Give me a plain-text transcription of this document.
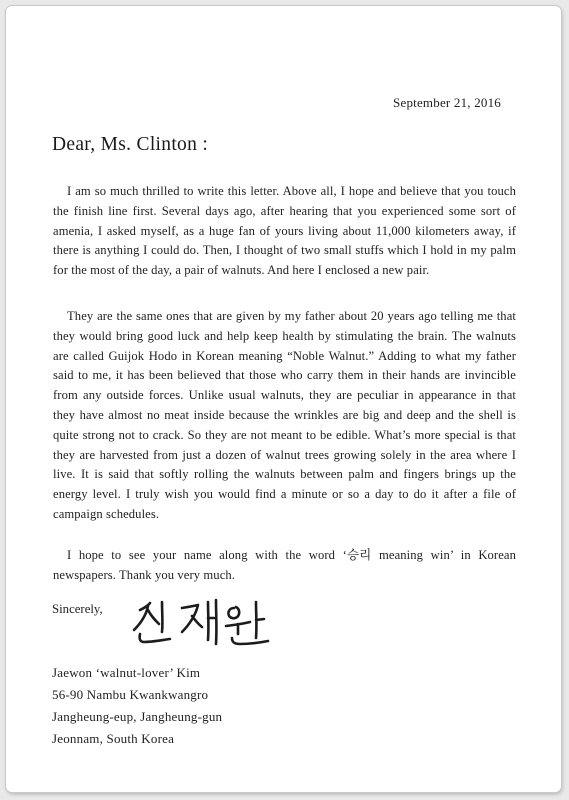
September 21, 2016
Dear, Ms. Clinton :

I am so much thrilled to write this letter. Above all, I hope and believe that you touch the finish line first. Several days ago, after hearing that you experienced some sort of amenia, I asked myself, as a huge fan of yours living about 11,000 kilometers away, if there is anything I could do. Then, I thought of two small stuffs which I hold in my palm for the most of the day, a pair of walnuts. And here I enclosed a new pair.

They are the same ones that are given by my father about 20 years ago telling me that they would bring good luck and help keep health by stimulating the brain. The walnuts are called Guijok Hodo in Korean meaning “Noble Walnut.” Adding to what my father said to me, it has been believed that those who carry them in their hands are invincible from any outside forces. Unlike usual walnuts, they are peculiar in appearance in that they have almost no meat inside because the wrinkles are big and deep and the shell is quite strong not to crack. So they are not meant to be edible. What’s more special is that they are harvested from just a dozen of walnut trees growing solely in the area where I live. It is said that softly rolling the walnuts between palm and fingers brings up the energy level. I truly wish you would find a minute or so a day to do it after a file of campaign schedules.

I hope to see your name along with the word ‘승리 meaning win’ in Korean newspapers. Thank you very much.

Sincerely,
Jaewon ‘walnut-lover’ Kim
56-90 Nambu Kwankwangro
Jangheung-eup, Jangheung-gun
Jeonnam, South Korea
